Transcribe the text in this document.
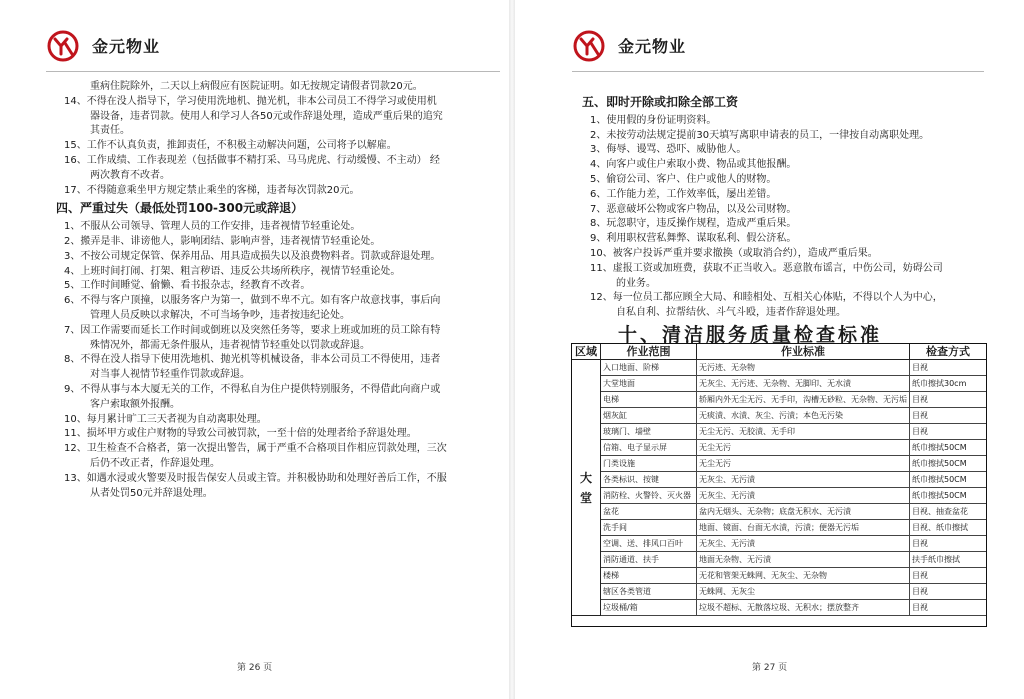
金元物业
重病住院除外，二天以上病假应有医院证明。如无按规定请假者罚款20元。
14、不得在没人指导下，学习使用洗地机、抛光机，非本公司员工不得学习或使用机
器设备，违者罚款。使用人和学习人各50元或作辞退处理，造成严重后果的追究
其责任。
15、工作不认真负责，推卸责任，不积极主动解决问题，公司将予以解雇。
16、工作成绩、工作表现差（包括做事不精打采、马马虎虎、行动缓慢、不主动） 经
两次教育不改者。
17、不得随意乘坐甲方规定禁止乘坐的客梯，违者每次罚款20元。
四、严重过失（最低处罚100-300元或辞退）
1、不服从公司领导、管理人员的工作安排，违者视情节轻重论处。
2、搬弄是非、诽谤他人，影响团结、影响声誉，违者视情节轻重论处。
3、不按公司规定保管、保养用品、用具造成损失以及浪费物料者。罚款或辞退处理。
4、上班时间打闹、打架、粗言秽语、违反公共场所秩序，视情节轻重论处。
5、工作时间睡觉、偷懒、看书报杂志，经教育不改者。
6、不得与客户顶撞，以服务客户为第一，做到不卑不亢。如有客户故意找事，事后向
管理人员反映以求解决，不可当场争吵，违者按违纪论处。
7、因工作需要而延长工作时间或倒班以及突然任务等，要求上班或加班的员工除有特
殊情况外，都需无条件服从，违者视情节轻重处以罚款或辞退。
8、不得在没人指导下使用洗地机、抛光机等机械设备，非本公司员工不得使用，违者
对当事人视情节轻重作罚款或辞退。
9、不得从事与本大厦无关的工作，不得私自为住户提供特别服务，不得借此向商户或
客户索取额外报酬。
10、每月累计旷工三天者视为自动离职处理。
11、损坏甲方或住户财物的导致公司被罚款，一至十倍的处理者给予辞退处理。
12、卫生检查不合格者，第一次提出警告，属于严重不合格项目作相应罚款处理，三次
后仍不改正者，作辞退处理。
13、如遇水浸或火警要及时报告保安人员或主管。并积极协助和处理好善后工作，不服
从者处罚50元并辞退处理。
第 26 页
金元物业
第 27 页
五、即时开除或扣除全部工资
1、使用假的身份证明资料。
2、未按劳动法规定提前30天填写离职申请表的员工，一律按自动离职处理。
3、侮辱、谩骂、恐吓、威胁他人。
4、向客户或住户索取小费、物品或其他报酬。
5、偷窃公司、客户、住户或他人的财物。
6、工作能力差，工作效率低，屡出差错。
7、恶意破坏公物或客户物品，以及公司财物。
8、玩忽职守，违反操作规程，造成严重后果。
9、利用职权营私舞弊、谋取私利、假公济私。
10、被客户投诉严重并要求撤换（或取消合约），造成严重后果。
11、虚报工资或加班费，获取不正当收入。恶意散布谣言，中伤公司，妨碍公司
的业务。
12、每一位员工都应顾全大局、和睦相处、互相关心体贴，不得以个人为中心，
自私自利、拉帮结伙、斗气斗殴，违者作辞退处理。
十、清洁服务质量检查标准
区域	作业范围	作业标准	检查方式
大

堂	入口地面、阶梯	无污迹、无杂物	目视
	大堂地面	无灰尘、无污迹、无杂物、无脚印、无水渍	纸巾擦拭30cm
	电梯	轿厢内外无尘无污、无手印，沟槽无砂粒、无杂物、无污垢	目视
	烟灰缸	无痰渍、水渍、灰尘、污渍；本色无污染	目视
	玻璃门、墙壁	无尘无污、无胶渍、无手印	目视
	信箱、电子显示屏	无尘无污	纸巾擦拭50CM
	门类设施	无尘无污	纸巾擦拭50CM
	各类标识、按键	无灰尘、无污渍	纸巾擦拭50CM
	消防栓、火警铃、灭火器	无灰尘、无污渍	纸巾擦拭50CM
	盆花	盆内无烟头、无杂物；底盘无积水、无污渍	目视、抽查盆花
	洗手间	地面、镜面、台面无水渍，污渍；便器无污垢	目视、纸巾擦拭
	空调、送、排风口百叶	无灰尘、无污渍	目视
	消防通道、扶手	地面无杂物、无污渍	扶手纸巾擦拭
	楼梯	无花和管架无蛛网、无灰尘、无杂物	目视
	辖区各类管道	无蛛网、无灰尘	目视
	垃圾桶/箱	垃圾不超标、无散落垃圾、无积水；摆放整齐	目视
